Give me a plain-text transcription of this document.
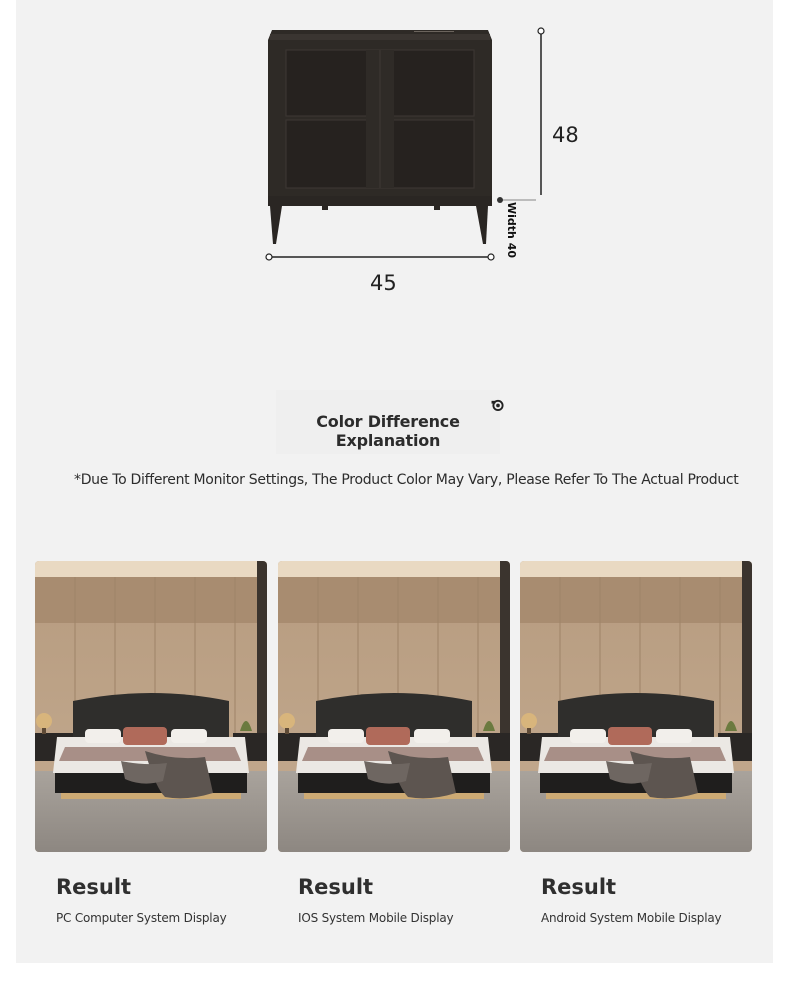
48
45
Width 40
Color Difference Explanation
*Due To Different Monitor Settings, The Product Color May Vary, Please Refer To The Actual Product
Result
PC Computer System Display
Result
IOS System Mobile Display
Result
Android System Mobile Display
